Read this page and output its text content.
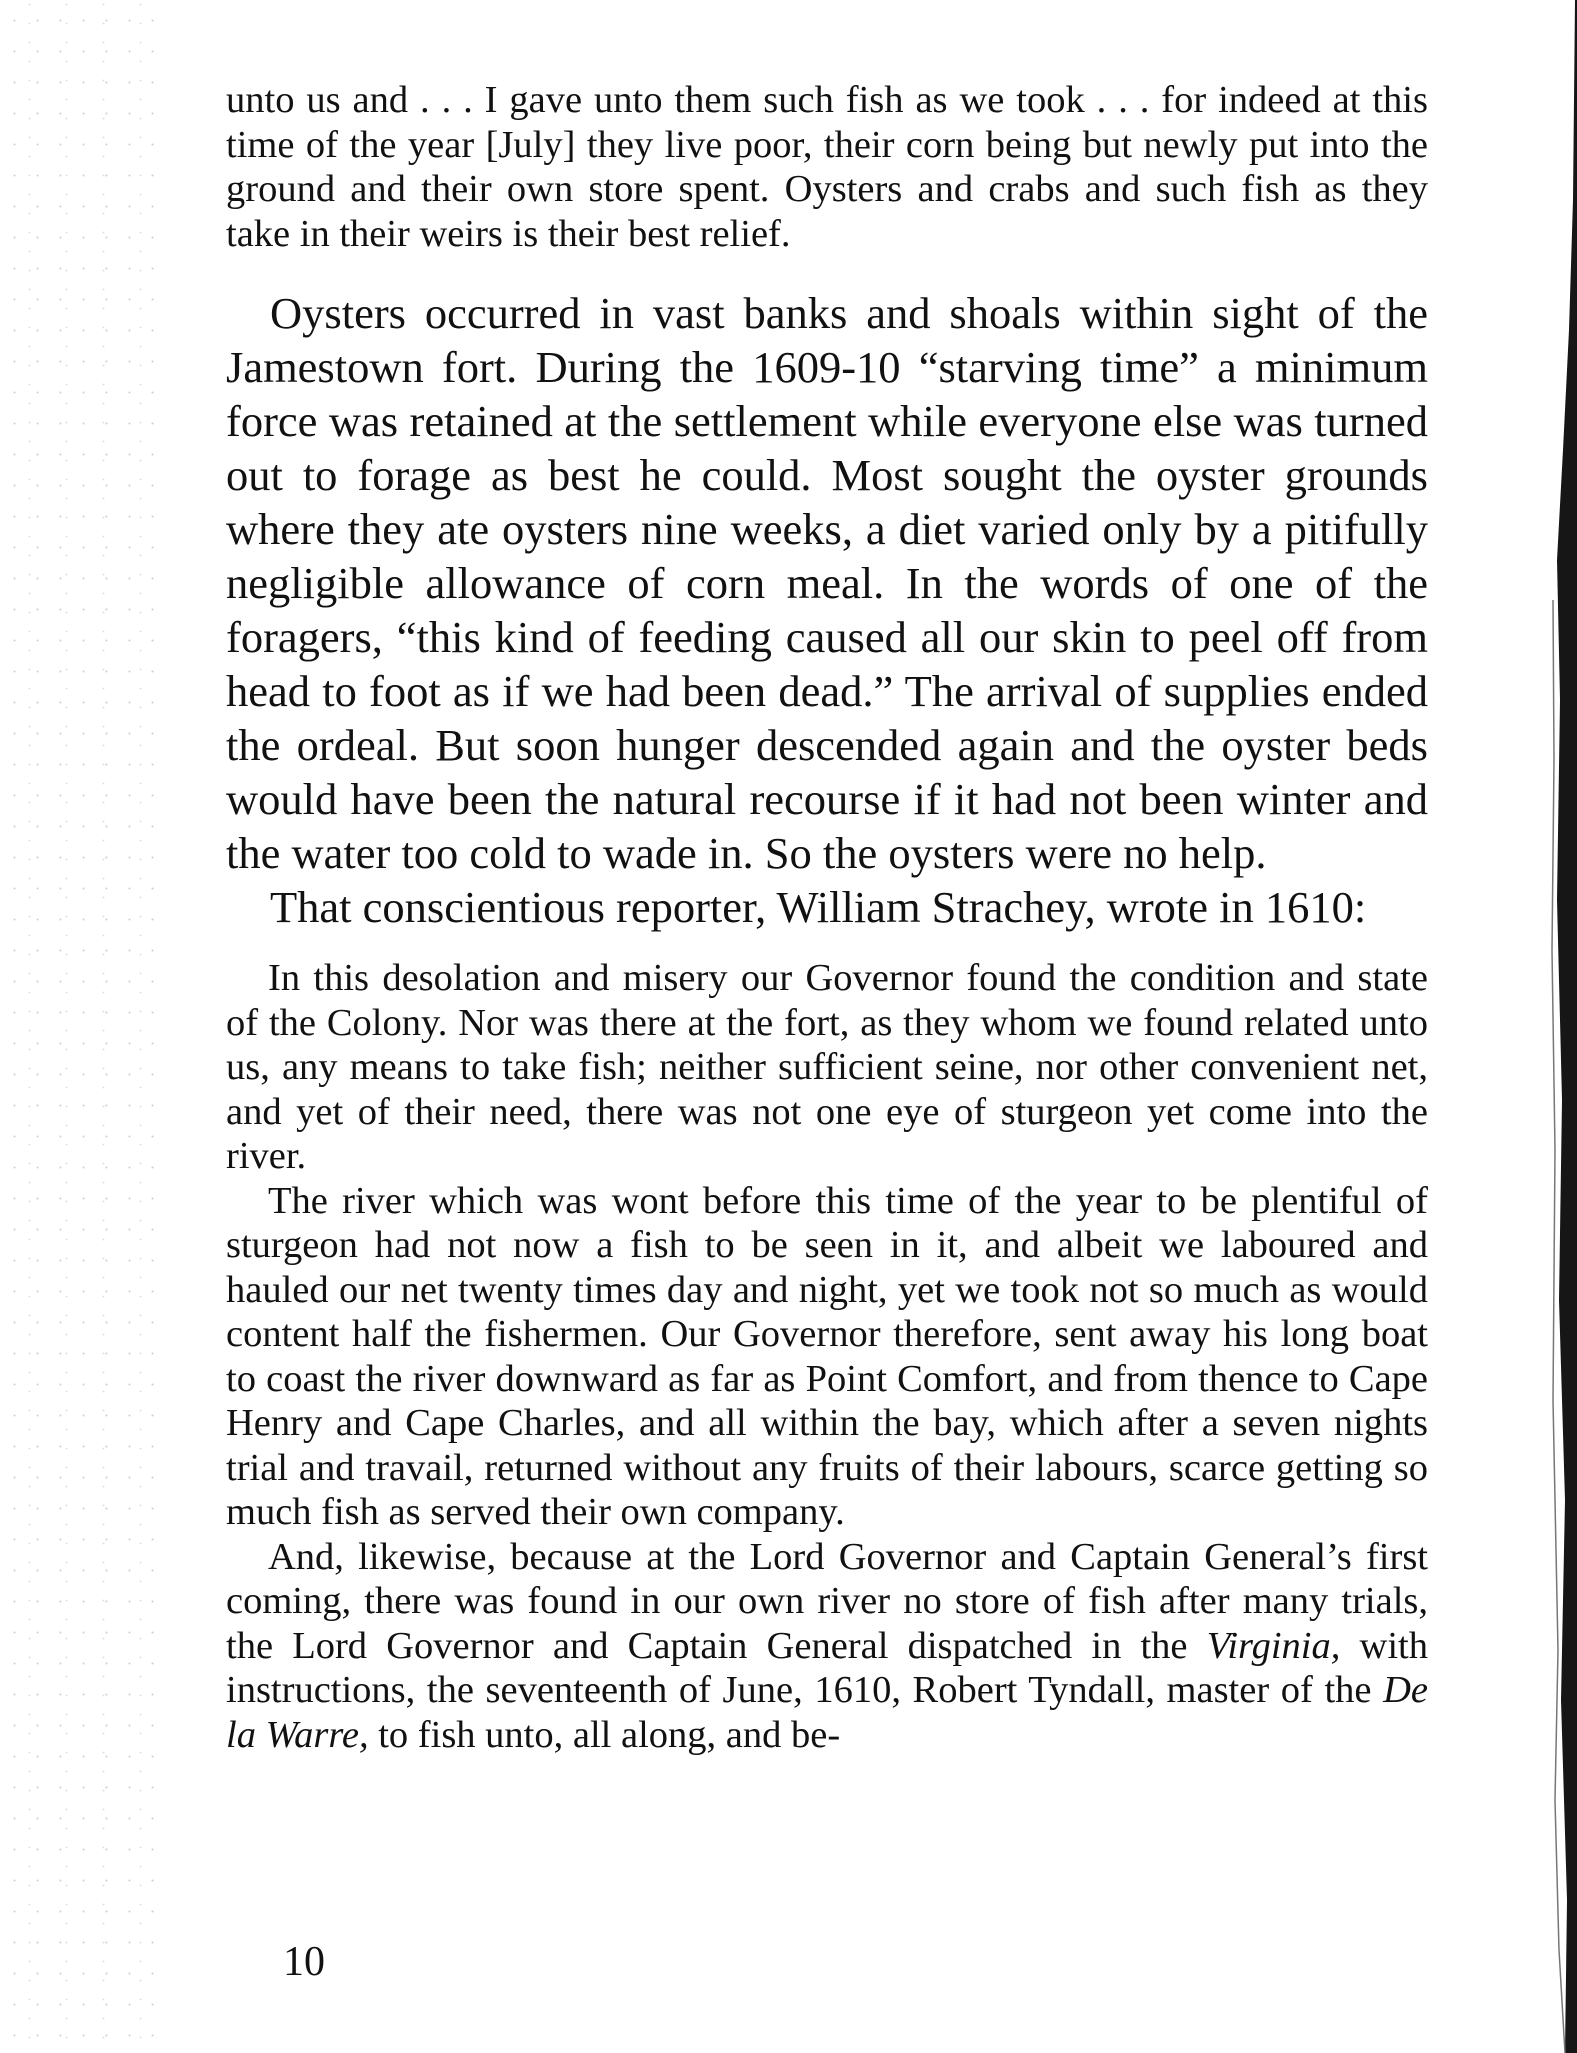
unto us and . . . I gave unto them such fish as we took . . . for indeed at this time of the year [July] they live poor, their corn being but newly put into the ground and their own store spent. Oysters and crabs and such fish as they take in their weirs is their best relief.

Oysters occurred in vast banks and shoals within sight of the Jamestown fort. During the 1609-10 “starving time” a minimum force was retained at the settlement while everyone else was turned out to forage as best he could. Most sought the oyster grounds where they ate oysters nine weeks, a diet varied only by a pitifully negligible allowance of corn meal. In the words of one of the foragers, “this kind of feeding caused all our skin to peel off from head to foot as if we had been dead.” The arrival of supplies ended the ordeal. But soon hunger descended again and the oyster beds would have been the natural recourse if it had not been winter and the water too cold to wade in. So the oysters were no help.

That conscientious reporter, William Strachey, wrote in 1610:

In this desolation and misery our Governor found the condition and state of the Colony. Nor was there at the fort, as they whom we found related unto us, any means to take fish; neither sufficient seine, nor other convenient net, and yet of their need, there was not one eye of sturgeon yet come into the river.

The river which was wont before this time of the year to be plentiful of sturgeon had not now a fish to be seen in it, and albeit we laboured and hauled our net twenty times day and night, yet we took not so much as would content half the fishermen. Our Governor therefore, sent away his long boat to coast the river downward as far as Point Comfort, and from thence to Cape Henry and Cape Charles, and all within the bay, which after a seven nights trial and travail, returned without any fruits of their labours, scarce getting so much fish as served their own company.

And, likewise, because at the Lord Governor and Captain General’s first coming, there was found in our own river no store of fish after many trials, the Lord Governor and Captain General dispatched in the Virginia, with instructions, the seventeenth of June, 1610, Robert Tyndall, master of the De la Warre, to fish unto, all along, and be-

10
